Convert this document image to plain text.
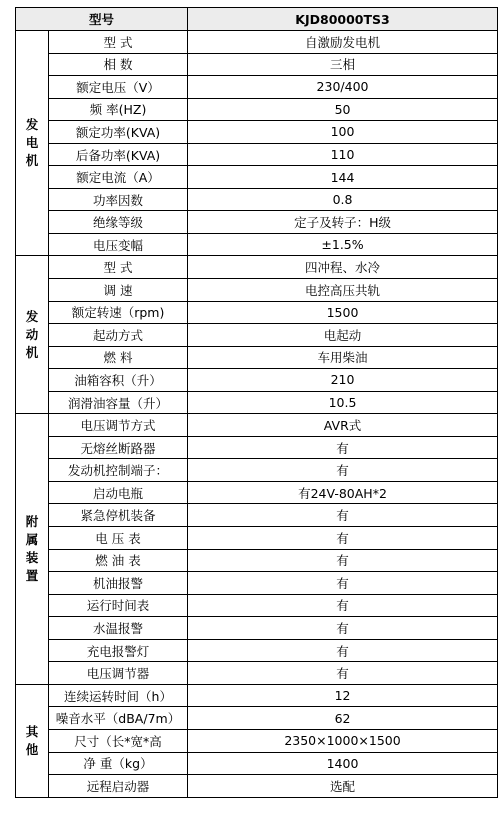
型号		KJD80000TS3

发
电
机	型 式	自激励发电机
	相 数	三相
	额定电压（V）	230/400
	频 率(HZ)	50
	额定功率(KVA)	100
	后备功率(KVA)	110
	额定电流（A）	144
	功率因数	0.8
	绝缘等级	定子及转子：H级
	电压变幅	±1.5%

发
动
机	型 式	四冲程、水冷
	调 速	电控高压共轨
	额定转速（rpm)	1500
	起动方式	电起动
	燃 料	车用柴油
	油箱容积（升）	210
	润滑油容量（升）	10.5

附
属
装
置	电压调节方式	AVR式
	无熔丝断路器	有
	发动机控制端子：	有
	启动电瓶	有24V-80AH*2
	紧急停机装备	有
	电 压 表	有
	燃 油 表	有
	机油报警	有
	运行时间表	有
	水温报警	有
	充电报警灯	有
	电压调节器	有

其
他	连续运转时间（h）	12
	噪音水平（dBA/7m）	62
	尺寸（长*宽*高	2350×1000×1500
	净 重（kg）	1400
	远程启动器	选配
